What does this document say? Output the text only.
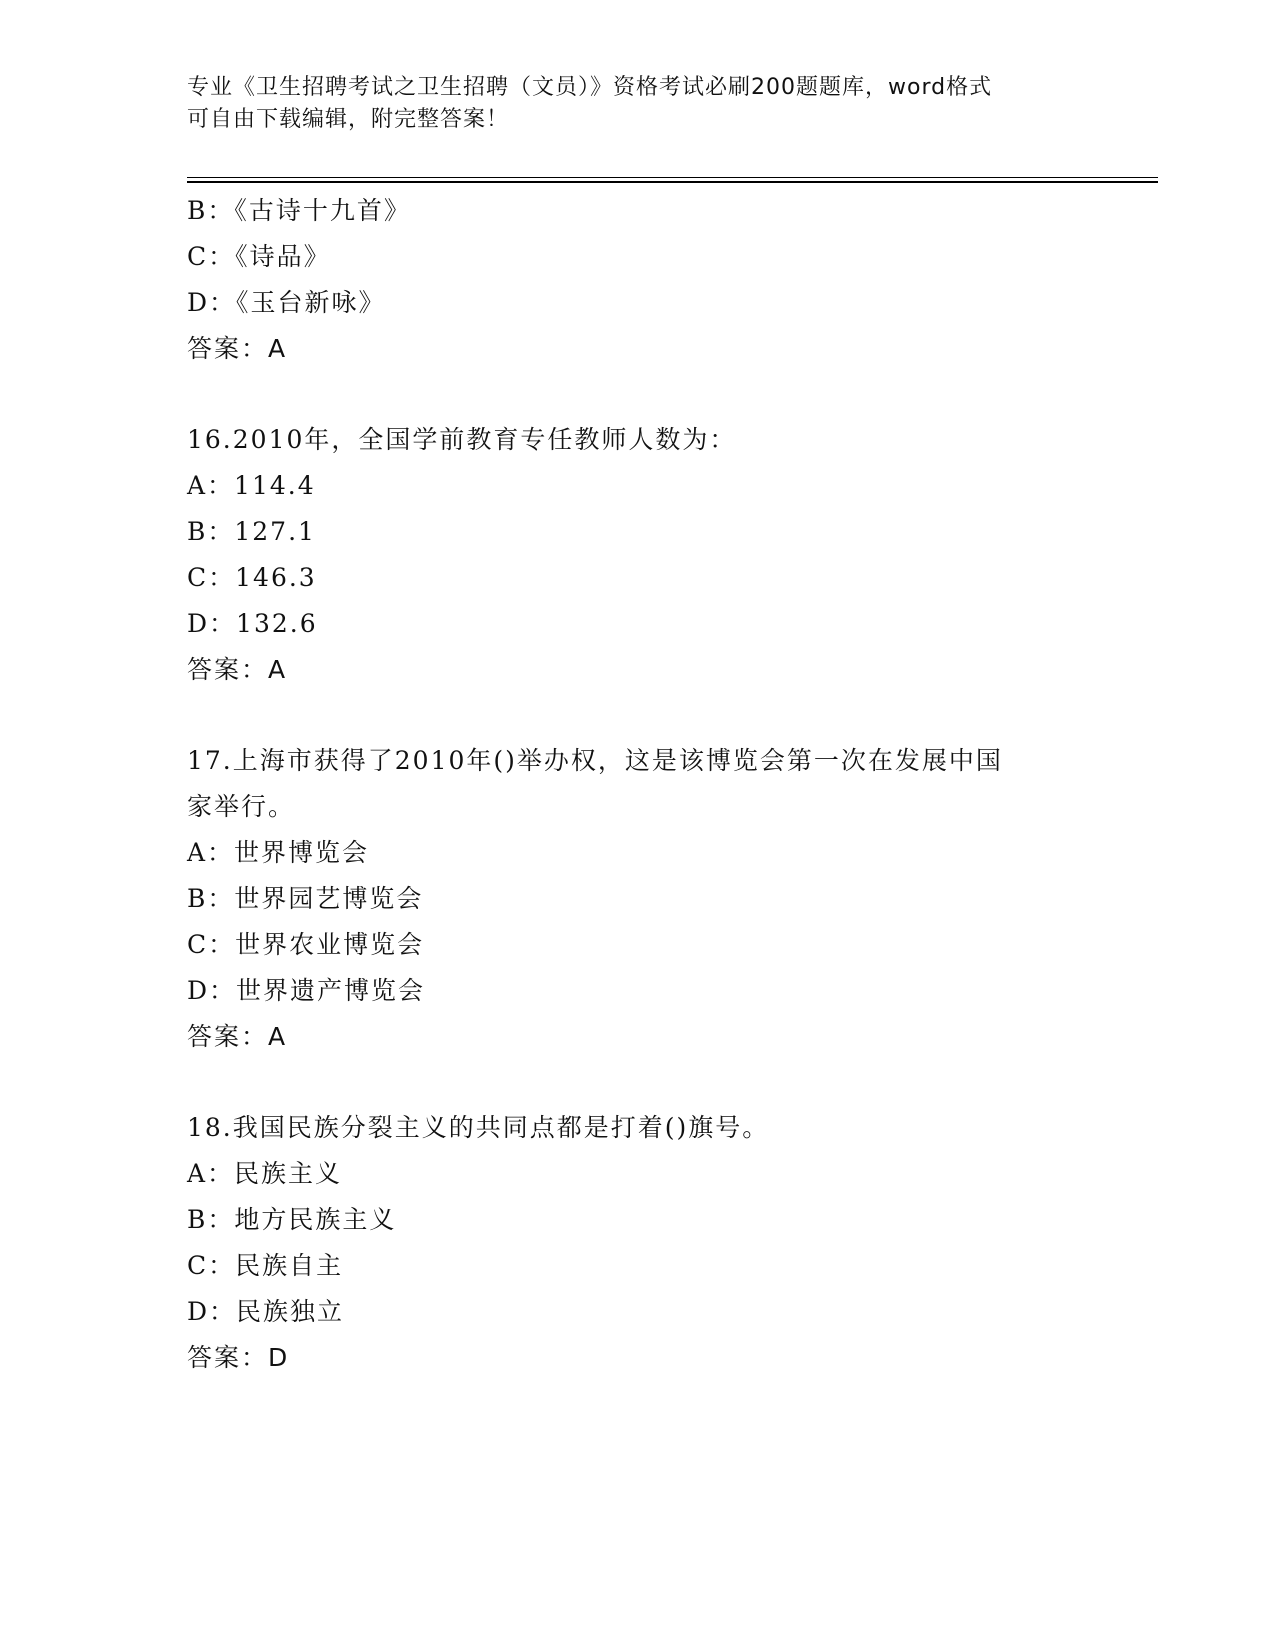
专业《卫生招聘考试之卫生招聘（文员）》资格考试必刷200题题库，word格式
可自由下载编辑，附完整答案！
B：《古诗十九首》
C：《诗品》
D：《玉台新咏》
答案：A
16.2010年，全国学前教育专任教师人数为：
A：114.4
B：127.1
C：146.3
D：132.6
答案：A
17.上海市获得了2010年()举办权，这是该博览会第一次在发展中国
家举行。
A：世界博览会
B：世界园艺博览会
C：世界农业博览会
D：世界遗产博览会
答案：A
18.我国民族分裂主义的共同点都是打着()旗号。
A：民族主义
B：地方民族主义
C：民族自主
D：民族独立
答案：D
